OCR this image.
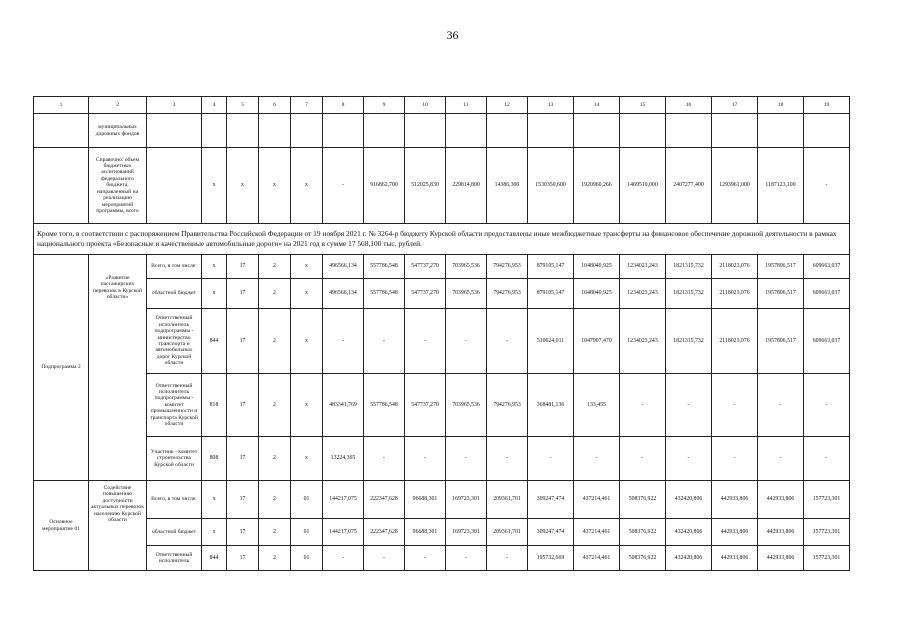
36
1	2	3	4	5	6	7	8	9	10	11	12	13	14	15	16	17	18	19
	муниципальных дорожных фондов																	
	Справочно: объем бюджетных ассигнований федерального бюджета, направленный на реализацию мероприятий программы, всего		x	x	x	x	-	916862,700	512025,830	229814,800	14386,300	1530350,600	1920960,266	1469510,000	2407277,400	1293961,000	1187123,100	-
Кроме того, в соответствии с распоряжением Правительства Российской Федерации от 19 ноября 2021 г. № 3264-р бюджету Курской области предоставлены иные межбюджетные трансферты на финансовое обеспечение дорожной деятельности в рамках национального проекта «Безопасные и качественные автомобильные дороги» на 2021 год в сумме 17 568,100 тыс. рублей.																		
Подпрограмма 2	«Развитие пассажирских перевозок в Курской области»	Всего, в том числе:	x	17	2	x	496566,134	557786,548	547737,270	703965,536	794276,953	879105,147	1048040,925	1234023,243	1821315,732	2118023,076	1957806,517	609663,037
		областной бюджет	x	17	2	x	496566,134	557786,548	547737,270	703965,536	794276,953	879105,147	1048040,925	1234023,243	1821315,732	2118023,076	1957806,517	609663,037
		Ответственный исполнитель подпрограммы - министерство транспорта и автомобильных дорог Курской области	844	17	2	x	-	-	-	-	-	510624,011	1047907,470	1234023,243	1821315,732	2118023,076	1957806,517	609663,037
		Ответственный исполнитель подпрограммы - комитет промышленности и транспорта Курской области	818	17	2	x	483341,769	557786,548	547737,270	703965,536	794276,953	368481,136	133,455	-	-	-	-	-
		Участник - комитет строительства Курской области	808	17	2	x	13224,365	-	-	-	-	-	-	-	-	-	-	-
Основное мероприятие 01	Содействие повышению доступности актуальных перевозок населению Курской области	Всего, в том числе:	x	17	2	01	144217,075	222347,628	96688,301	169723,301	209361,701	309247,474	437214,461	508376,922	432420,806	442933,806	442933,806	157723,301
		областной бюджет	x	17	2	01	144217,075	222347,628	96688,301	169723,301	209361,701	309247,474	437214,461	508376,922	432420,806	442933,806	442933,806	157723,301
		Ответственный исполнитель	844	17	2	01	-	-	-	-	-	195732,669	437214,461	508376,922	432420,806	442933,806	442933,806	157723,301
